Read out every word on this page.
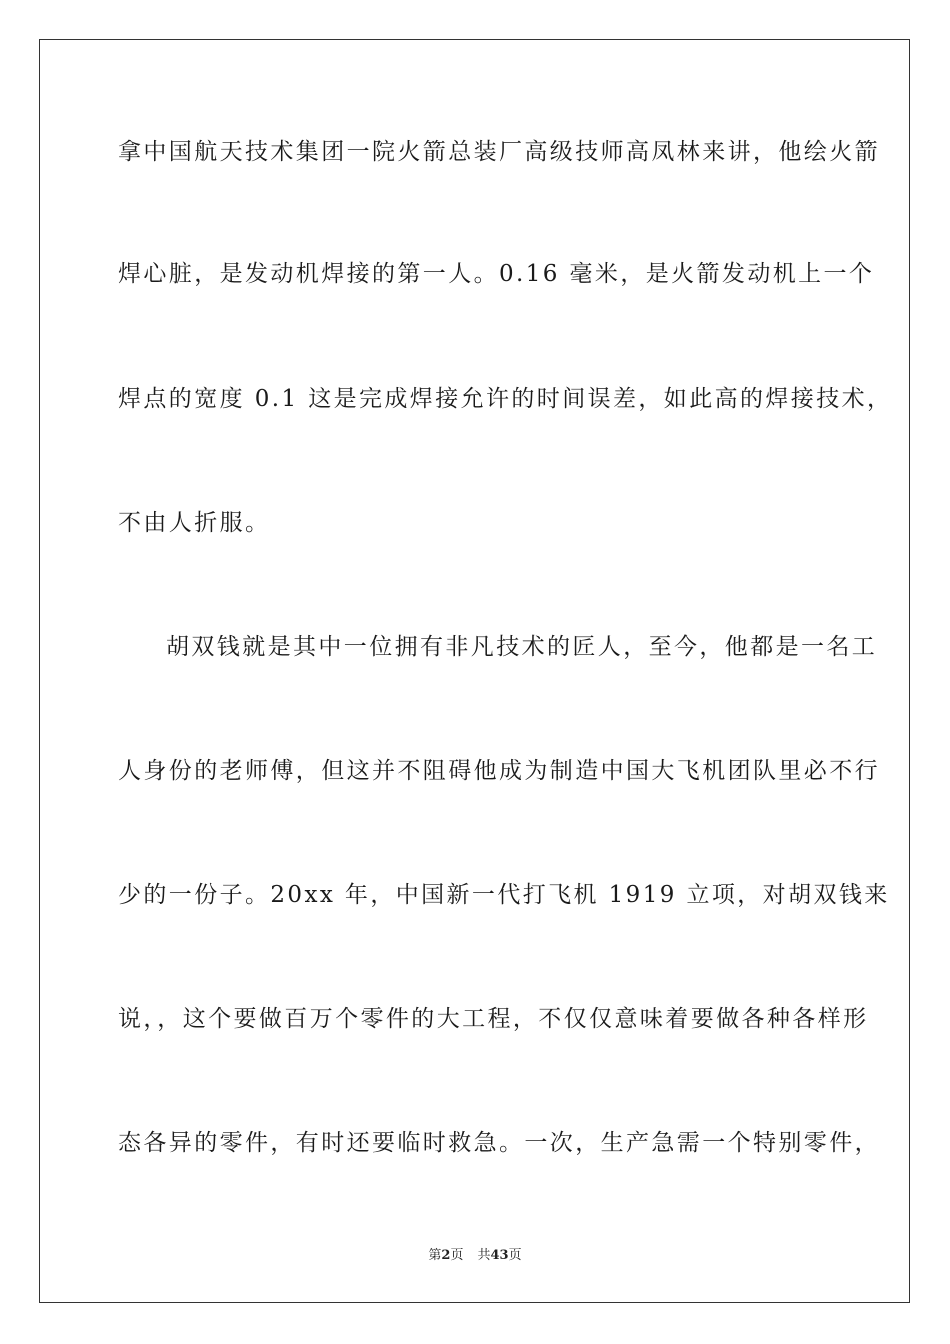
拿中国航天技术集团一院火箭总装厂高级技师高凤林来讲，他绘火箭
焊心脏，是发动机焊接的第一人。0.16 毫米，是火箭发动机上一个
焊点的宽度 0.1 这是完成焊接允许的时间误差，如此高的焊接技术，
不由人折服。
胡双钱就是其中一位拥有非凡技术的匠人，至今，他都是一名工
人身份的老师傅，但这并不阻碍他成为制造中国大飞机团队里必不行
少的一份子。20xx 年，中国新一代打飞机 1919 立项，对胡双钱来
说，，这个要做百万个零件的大工程，不仅仅意味着要做各种各样形
态各异的零件，有时还要临时救急。一次，生产急需一个特别零件，
第2页 共43页
